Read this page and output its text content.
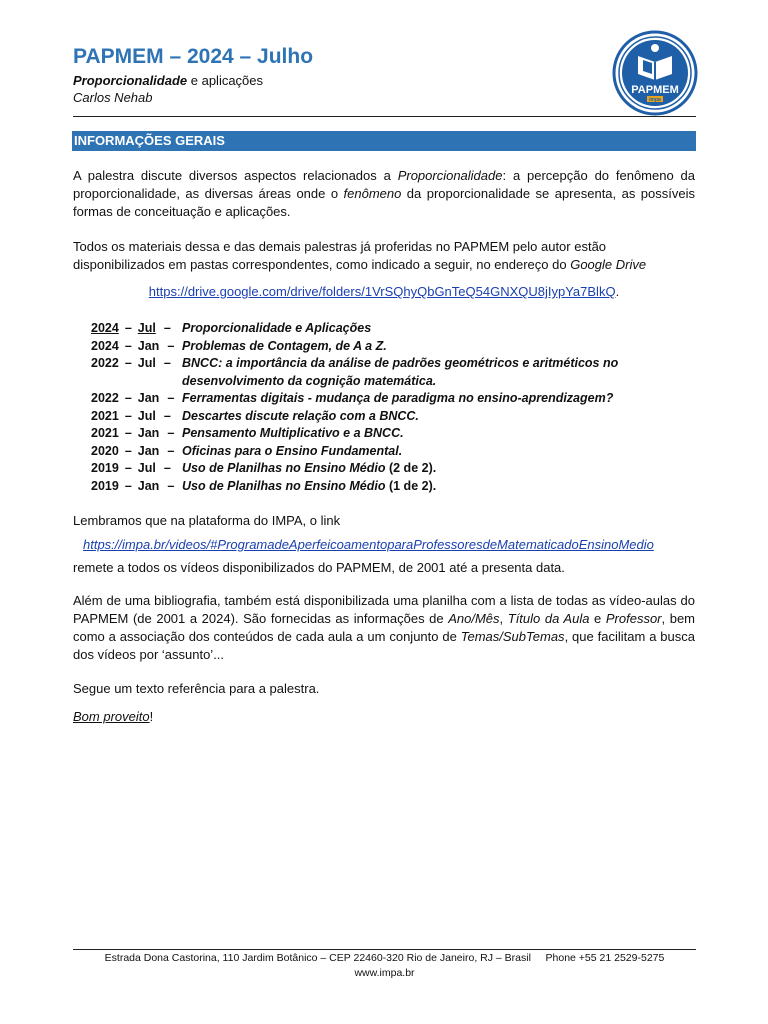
PAPMEM – 2024 – Julho
Proporcionalidade e aplicações
Carlos Nehab	PAPMEM
impa
INFORMAÇÕES GERAIS
A palestra discute diversos aspectos relacionados a Proporcionalidade: a percepção do fenômeno da proporcionalidade, as diversas áreas onde o fenômeno da proporcionalidade se apresenta, as possíveis formas de conceituação e aplicações.
Todos os materiais dessa e das demais palestras já proferidas no PAPMEM pelo autor estão disponibilizados em pastas correspondentes, como indicado a seguir, no endereço do Google Drive
https://drive.google.com/drive/folders/1VrSQhyQbGnTeQ54GNXQU8jIypYa7BlkQ.
2024 – Jul – Proporcionalidade e Aplicações
2024 – Jan – Problemas de Contagem, de A a Z.
2022 – Jul – BNCC: a importância da análise de padrões geométricos e aritméticos no desenvolvimento da cognição matemática.
2022 – Jan – Ferramentas digitais - mudança de paradigma no ensino-aprendizagem?
2021 – Jul – Descartes discute relação com a BNCC.
2021 – Jan – Pensamento Multiplicativo e a BNCC.
2020 – Jan – Oficinas para o Ensino Fundamental.
2019 – Jul – Uso de Planilhas no Ensino Médio (2 de 2).
2019 – Jan – Uso de Planilhas no Ensino Médio (1 de 2).
Lembramos que na plataforma do IMPA, o link
https://impa.br/videos/#ProgramadeAperfeicoamentoparaProfessoresdeMatematicadoEnsinoMedio
remete a todos os vídeos disponibilizados do PAPMEM, de 2001 até a presenta data.
Além de uma bibliografia, também está disponibilizada uma planilha com a lista de todas as vídeo-aulas do PAPMEM (de 2001 a 2024). São fornecidas as informações de Ano/Mês, Título da Aula e Professor, bem como a associação dos conteúdos de cada aula a um conjunto de Temas/SubTemas, que facilitam a busca dos vídeos por ‘assunto’...
Segue um texto referência para a palestra.
Bom proveito!
Estrada Dona Castorina, 110 Jardim Botânico – CEP 22460-320 Rio de Janeiro, RJ – Brasil Phone +55 21 2529-5275
www.impa.br
